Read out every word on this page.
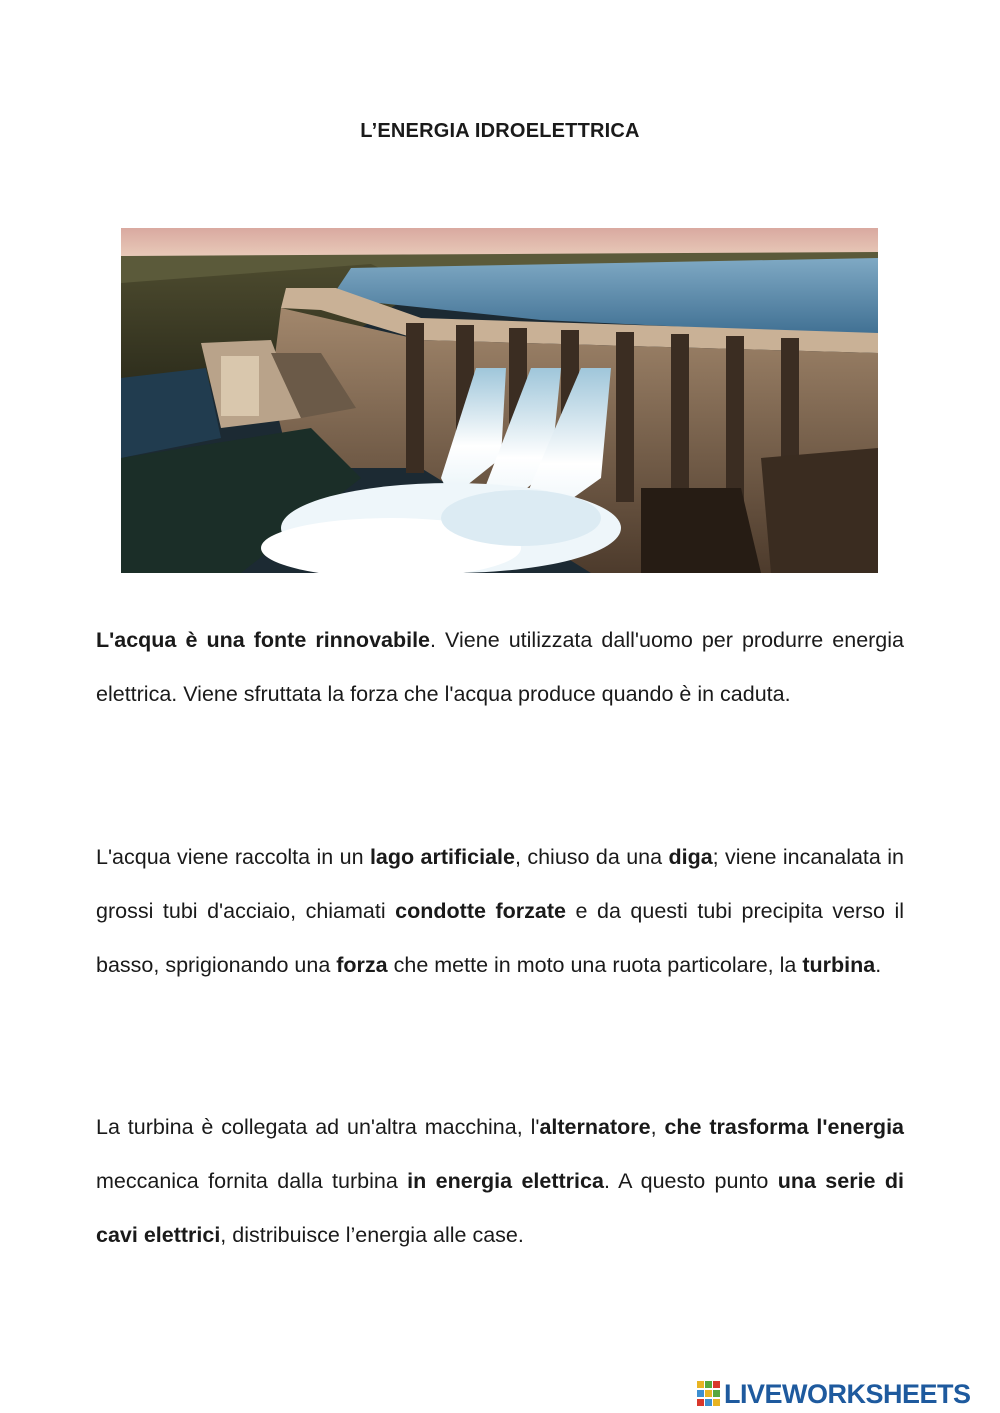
L’ENERGIA IDROELETTRICA

L'acqua è una fonte rinnovabile. Viene utilizzata dall'uomo per produrre energia elettrica. Viene sfruttata la forza che l'acqua produce quando è in caduta.

L'acqua viene raccolta in un lago artificiale, chiuso da una diga; viene incanalata in grossi tubi d'acciaio, chiamati condotte forzate e da questi tubi precipita verso il basso, sprigionando una forza che mette in moto una ruota particolare, la turbina.

La turbina è collegata ad un'altra macchina, l'alternatore, che trasforma l'energia meccanica fornita dalla turbina in energia elettrica. A questo punto una serie di cavi elettrici, distribuisce l’energia alle case.

LIVEWORKSHEETS
